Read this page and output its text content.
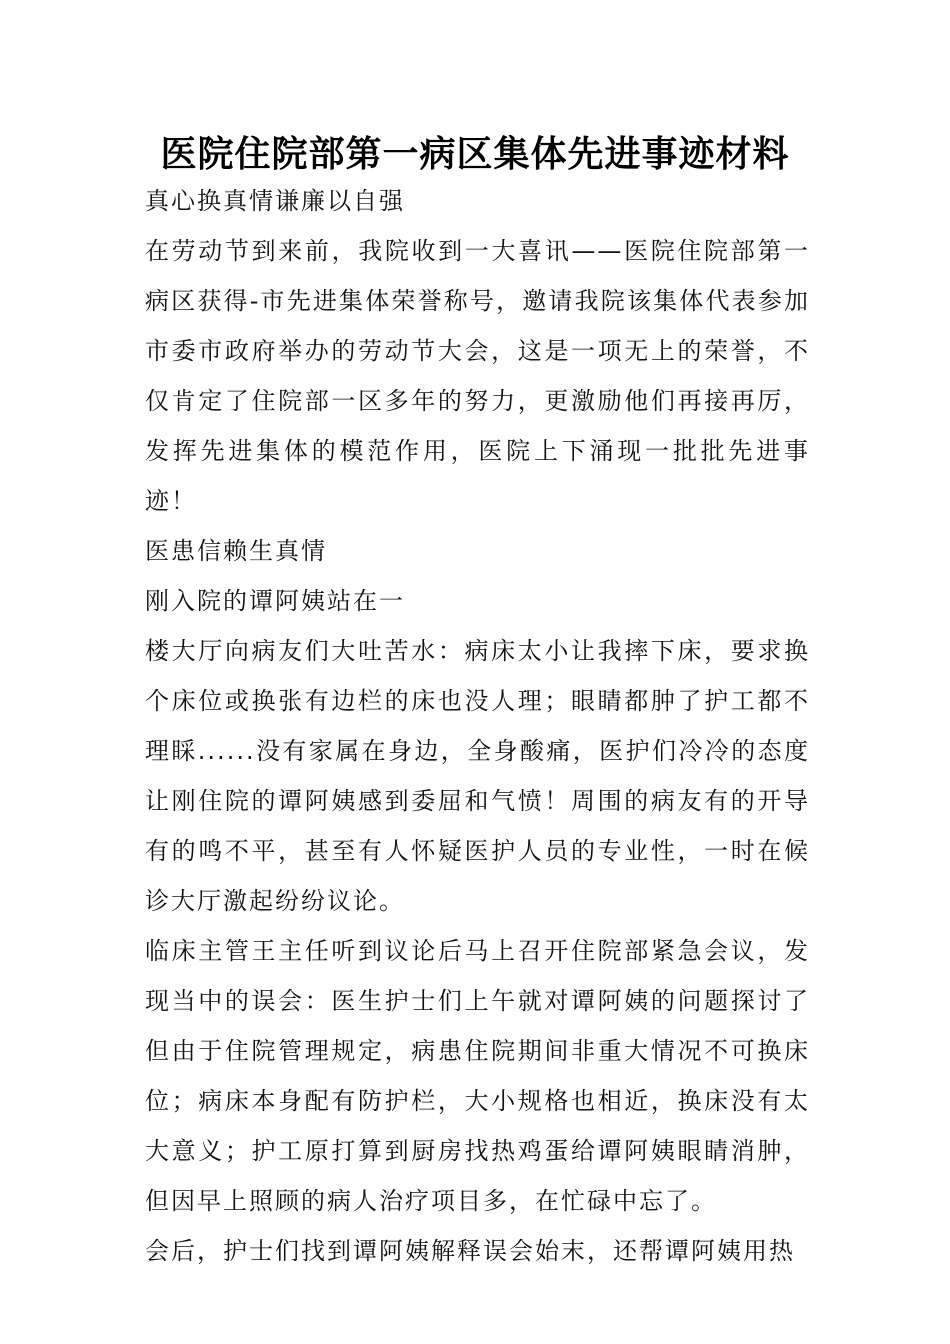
医院住院部第一病区集体先进事迹材料

真心换真情谦廉以自强

在劳动节到来前，我院收到一大喜讯——医院住院部第一病区获得-市先进集体荣誉称号，邀请我院该集体代表参加市委市政府举办的劳动节大会，这是一项无上的荣誉，不仅肯定了住院部一区多年的努力，更激励他们再接再厉，发挥先进集体的模范作用，医院上下涌现一批批先进事迹！

医患信赖生真情

刚入院的谭阿姨站在一

楼大厅向病友们大吐苦水：病床太小让我摔下床，要求换个床位或换张有边栏的床也没人理；眼睛都肿了护工都不理睬......没有家属在身边，全身酸痛，医护们冷冷的态度让刚住院的谭阿姨感到委屈和气愤！周围的病友有的开导有的鸣不平，甚至有人怀疑医护人员的专业性，一时在候诊大厅激起纷纷议论。

临床主管王主任听到议论后马上召开住院部紧急会议，发现当中的误会：医生护士们上午就对谭阿姨的问题探讨了但由于住院管理规定，病患住院期间非重大情况不可换床位；病床本身配有防护栏，大小规格也相近，换床没有太大意义；护工原打算到厨房找热鸡蛋给谭阿姨眼睛消肿，但因早上照顾的病人治疗项目多，在忙碌中忘了。

会后，护士们找到谭阿姨解释误会始末，还帮谭阿姨用热
